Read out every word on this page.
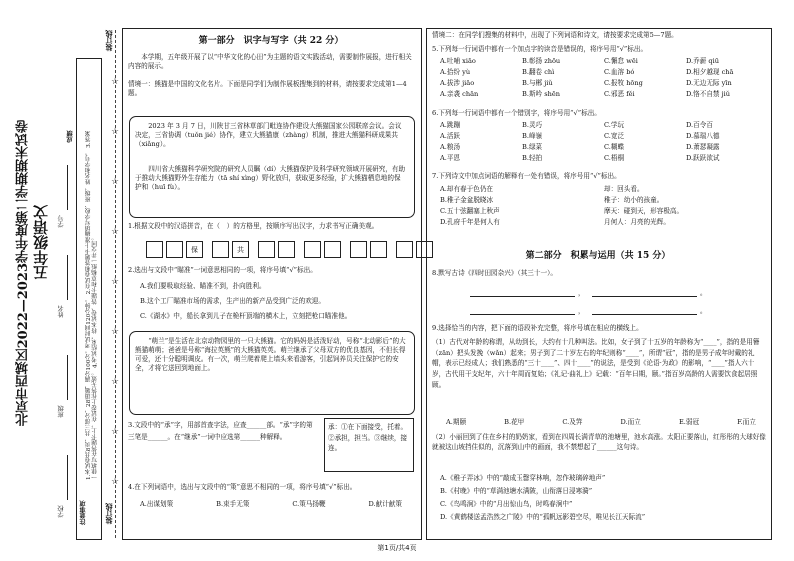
装订线
装订线
☆
☆
☆
☆
☆
☆
☆
☆
☆
北京市西城区2022—2023学年度第二学期期末试卷 五年级语文
注意事项
1.本试卷共8页，共三部分，28道题，满分100分。考试时间120分钟。 2.在试卷和答题卡上准确填写学校、班级、姓名和学号。 3.答案一律填写在答题卡上，在试卷上作答无效。 4.考试结束，将本试卷、答题卡和草稿纸一并交回。
成绩
学校
班级
姓名
学号
第一部分　识字与写字（共 22 分）
本学期，五年级开展了以“中华文化的心田”为主题的语文实践活动，需要制作展报，进行相关内容的展示。
情境一：熊猫是中国的文化名片。下面是同学们为制作展板搜集到的材料，请按要求完成第1—4题。
2023 年 3 月 7 日，川陕甘三省林草部门毗连协作建设大熊猫国家公园联席会议。会议决定，三省协调（tuǒn jié）协作，建立大熊猫康（zhàng）机制，推进大熊猫科研成果共（xiǎng）。
四川省大熊猫科学研究院的研究人员瞩（dí）大熊猫保护及科学研究领域开展研究，有助于推动大熊猫野外生存能力（tā shí xìng）野化放归，获取更多经验，扩大熊猫栖息地的保护和（huī fù）。
1.根据文段中的汉语拼音，在（　）的方格里，按顺序写出汉字，力求书写正确美观。
保	共
2.选出与文段中“瞄准”一词意思相同的一项，将序号填“√”标出。
A.我们要吸取经验、瞄准不到，扑向胜利。
B.这个工厂瞄准市场的需求，生产出的新产品受到广泛的欢迎。
C.《湖水》中，船长拿到儿子在桅杆顶端的横木上，立刻把枪口瞄准他。
“萌兰”是生活在北京动物园里的一只大熊猫。它的妈妈是活泼好动，号称“北动影后”的大熊猫萌萌；爸爸是号称“海拉英熊”的大熊猫英英。萌兰继承了父母双方的优良基因，不但长得可爱，还十分聪明调皮。有一次，萌兰爬着爬上墙头来看游客，引起饲养员关注保护它的安全，才将它送回到地面上。
3.文段中的“承”字，用部首查字法，应查______部。“承”字的第三笔是______。在“继承”一词中应选第______种解释。
承：①在下面接受，托着。②承担，担当。③继续，接连。
4.在下列词语中，选出与文段中的“策”意思不相同的一项，将序号填“√”标出。
A.出谋划策	B.束手无策	C.策马扬鞭	D.献计献策
情境二：在同学们搜集的材料中，出现了下列词语和诗文，请按要求完成第5—7题。
5.下列每一行词语中都有一个加点字的读音是错误的，将序号用“√”标出。
A.吐哺 xiāo	B.彰扬 zhōu	C.懈怠 wēi	D.乔薪 qiū
A.拾纷 yù	B.翻卷 chì	C.血溶 bó	D.相夕越现 chā
A.拔涉 jiāo	B.与郴 jiǔ	C.报牧 hōng	D.无边无际 yīn
A.亲袭 chān	B.斯吟 shēn	C.邪恶 fěi	D.恪不自禁 jiǔ
6.下列每一行词语中都有一个错别字，将序号用“√”标出。
A.跳蹦	B.灵巧	C.学玩	D.百令百
A.活跃	B.峰嶺	C.宽泛	D.慕瑞八德
A.粮汤	B.绿菜	C.糊蝶	D.萧瑟凝露
A.平恩	B.轻拍	C.梧桐	D.跃跃欲试
7.下列诗文中加点词语的解释有一处有错误，将序号用“√”标出。
A.却有春于色仍在	却：回头看。
B.稚子金盆脱晓冰	稚子：幼小的孩童。
C.五十弦翻塞上秋声	摩天：碰到天，形容极高。
D.孔府千年是何人有	月何人：月亮的光辉。
第二部分　积累与运用（共 15 分）
8.默写古诗《四时田园杂兴》（其三十一）。
，	。
，	。
9.选择恰当的内容，把下面的语段补充完整，将序号填在相应的横线上。
（1）古代对年龄的称谓，从幼到长，大约有十几种叫法。比如，女子到了十五岁的年龄称为“____”，指的是用簪（zān）把头发挽（wǎn）起来；男子到了二十岁左右的年纪则称“____”，所谓“冠”，指的是男子成年时戴的礼帽，表示已经成人；我们熟悉的“三十____”、四十____”的说法，是受到《论语·为政》的影响，“____”指人六十岁，古代用干支纪年，六十年周而复始；《礼记·曲礼上》记载：“百年曰期，颐。”指百岁高龄的人需要饮食起居照顾。
A.期颐	B.花甲	C.及笄	D.而立	E.弱冠	F.而立
（2）小丽回到了住在乡村的奶奶家，看到在四周长满青草的池塘里，池水高涨。太阳正要落山，红彤彤的大球好像就被这山坡挡住似的，沉落到山中的画面，我不禁想起了______这句诗。
A.《稚子弄冰》中的“敲成玉罄穿林响，忽作玻璃碎地声”
B.《村晚》中的“草满池塘水满陂，山衔落日浸寒漪”
C.《鸟鸣涧》中的“月出惊山鸟，时鸣春涧中”
D.《黄鹤楼送孟浩然之广陵》中的“孤帆远影碧空尽，唯见长江天际流”
第1页/共4页
